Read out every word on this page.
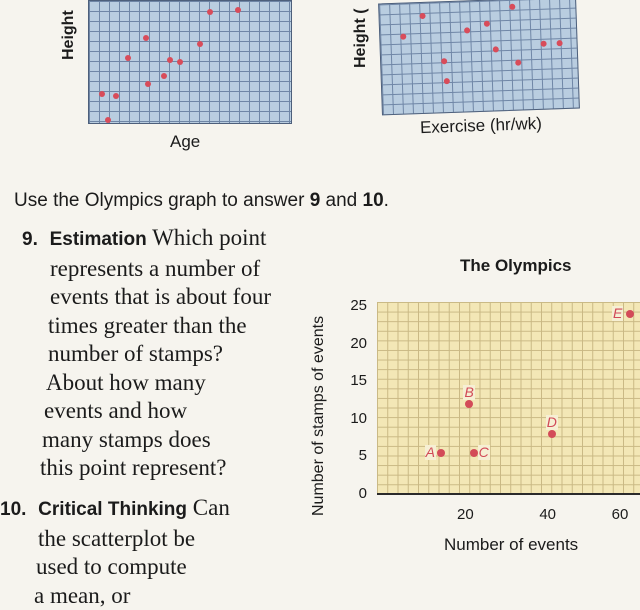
Height
Age
Height (
Exercise (hr/wk)
Use the Olympics graph to answer 9 and 10.
9. Estimation Which point
represents a number of
events that is about four
times greater than the
number of stamps?
About how many
events and how
many stamps does
this point represent?
10. Critical Thinking Can
the scatterplot be
used to compute
a mean, or
The Olympics
Number of stamps of events	0
5
10
15
20
25
20	40	60
A
B
C
D
E
Number of events
